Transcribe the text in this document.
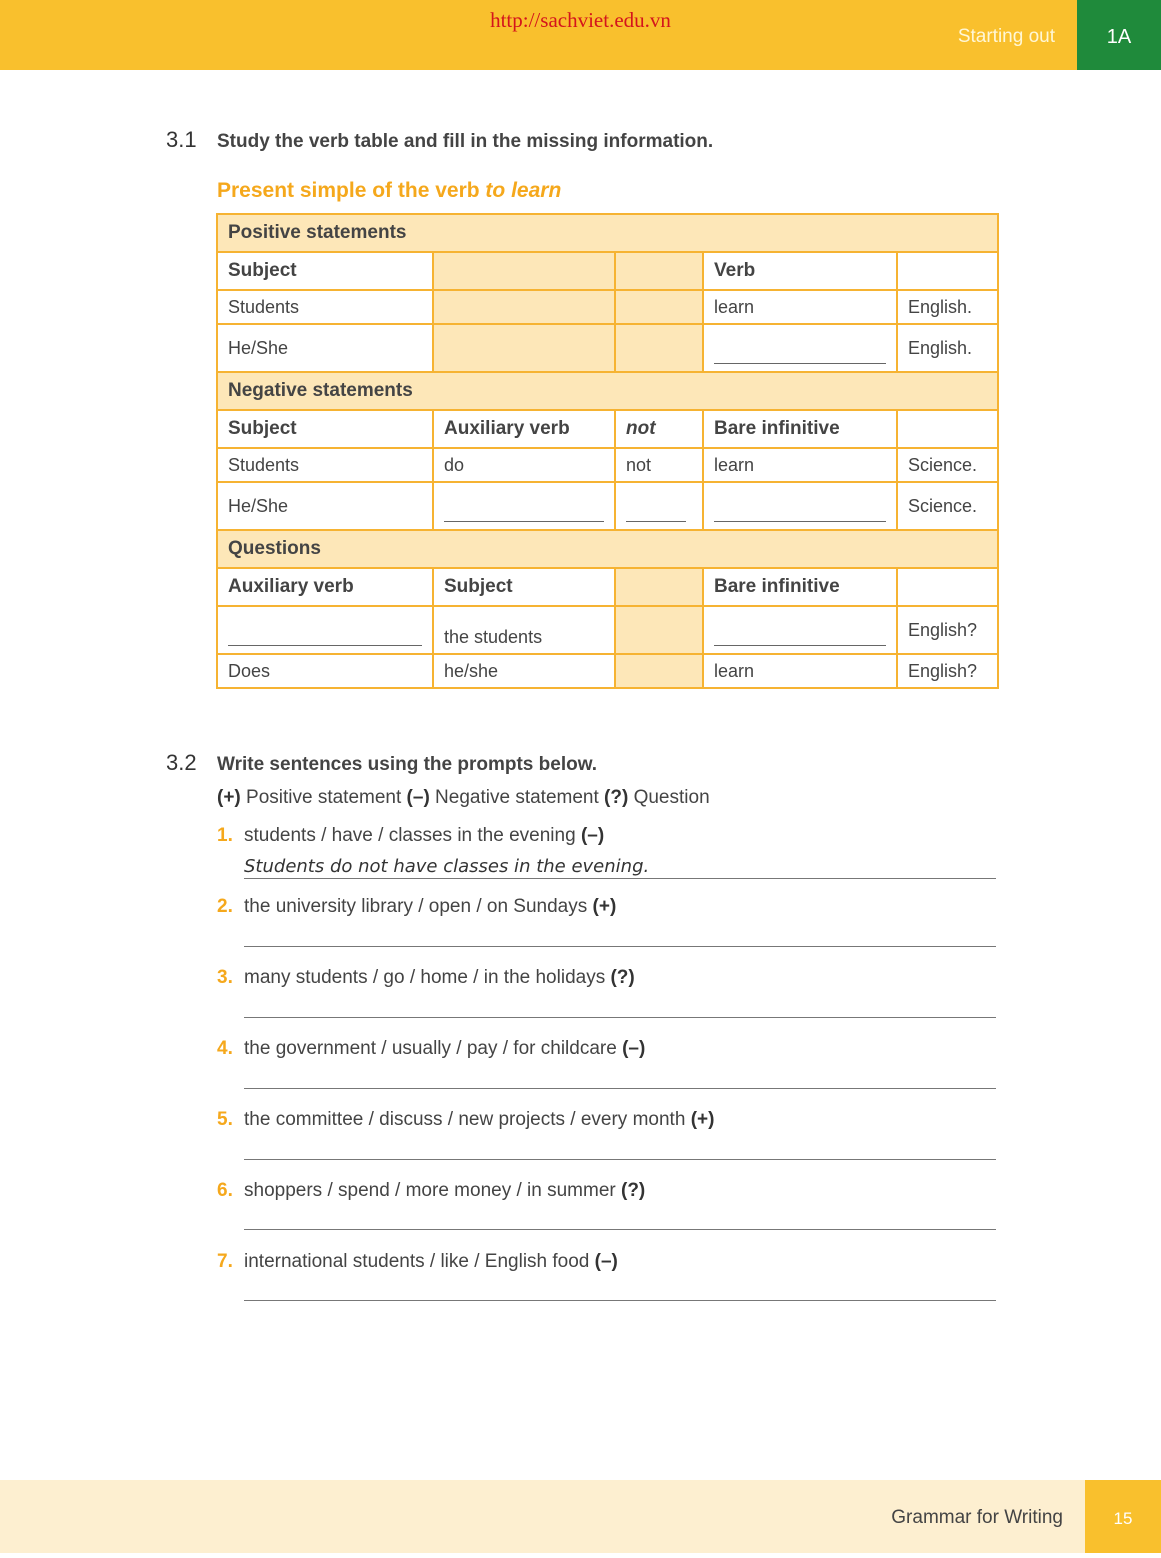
http://sachviet.edu.vn
Starting out	1A
3.1 Study the verb table and fill in the missing information.
Present simple of the verb to learn
Positive statements				
Subject			Verb	
Students			learn	English.
He/She				English.
Negative statements				
Subject	Auxiliary verb	not	Bare infinitive	
Students	do	not	learn	Science.
He/She				Science.
Questions				
Auxiliary verb	Subject		Bare infinitive	

	the students			English?
Does	he/she		learn	English?
3.2 Write sentences using the prompts below.
(+) Positive statement (–) Negative statement (?) Question
1. students / have / classes in the evening (–)
Students do not have classes in the evening.
2. the university library / open / on Sundays (+)
3. many students / go / home / in the holidays (?)
4. the government / usually / pay / for childcare (–)
5. the committee / discuss / new projects / every month (+)
6. shoppers / spend / more money / in summer (?)
7. international students / like / English food (–)
Grammar for Writing	15
